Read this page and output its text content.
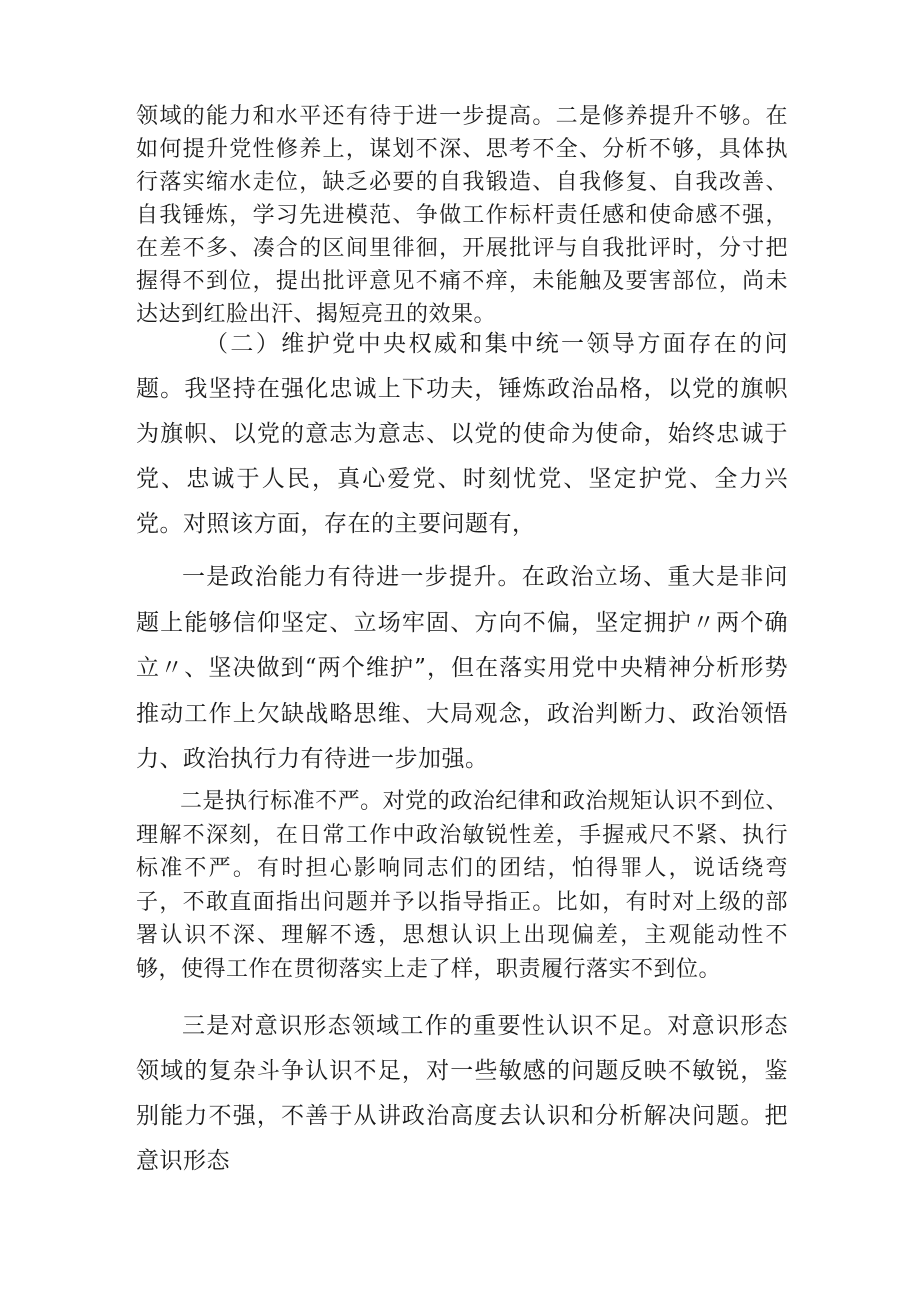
领域的能力和水平还有待于进一步提高。二是修养提升不够。在如何提升党性修养上，谋划不深、思考不全、分析不够，具体执行落实缩水走位，缺乏必要的自我锻造、自我修复、自我改善、自我锤炼，学习先进模范、争做工作标杆责任感和使命感不强，在差不多、凑合的区间里徘徊，开展批评与自我批评时，分寸把握得不到位，提出批评意见不痛不痒，未能触及要害部位，尚未达达到红脸出汗、揭短亮丑的效果。

（二）维护党中央权威和集中统一领导方面存在的问题。我坚持在强化忠诚上下功夫，锤炼政治品格，以党的旗帜为旗帜、以党的意志为意志、以党的使命为使命，始终忠诚于党、忠诚于人民，真心爱党、时刻忧党、坚定护党、全力兴党。对照该方面，存在的主要问题有，

一是政治能力有待进一步提升。在政治立场、重大是非问题上能够信仰坚定、立场牢固、方向不偏，坚定拥护〃两个确立〃、坚决做到“两个维护”，但在落实用党中央精神分析形势推动工作上欠缺战略思维、大局观念，政治判断力、政治领悟力、政治执行力有待进一步加强。

二是执行标准不严。对党的政治纪律和政治规矩认识不到位、理解不深刻，在日常工作中政治敏锐性差，手握戒尺不紧、执行标准不严。有时担心影响同志们的团结，怕得罪人，说话绕弯子，不敢直面指出问题并予以指导指正。比如，有时对上级的部署认识不深、理解不透，思想认识上出现偏差，主观能动性不够，使得工作在贯彻落实上走了样，职责履行落实不到位。

三是对意识形态领域工作的重要性认识不足。对意识形态领域的复杂斗争认识不足，对一些敏感的问题反映不敏锐，鉴别能力不强，不善于从讲政治高度去认识和分析解决问题。把意识形态
